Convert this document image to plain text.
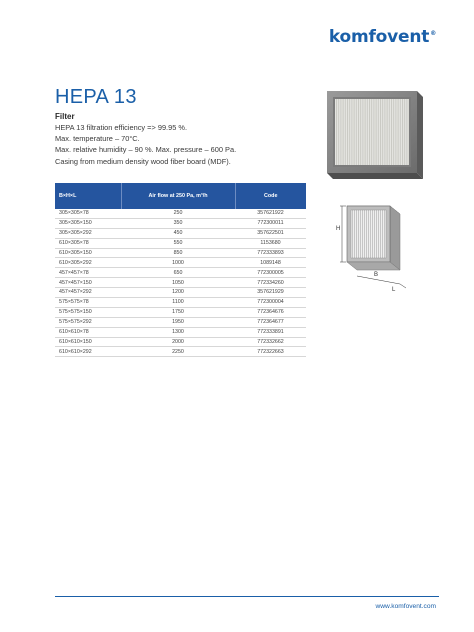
komfovent®
HEPA 13
Filter
HEPA 13 filtration efficiency => 99.95 %.
Max. temperature – 70°C.
Max. relative humidity – 90 %. Max. pressure – 600 Pa.
Casing from medium density wood fiber board (MDF).
B×H×L	Air flow at 250 Pa, m³/h	Code
305×305×78	250	357621922
305×305×150	350	772300011
305×305×292	450	357622501
610×305×78	550	1153680
610×305×150	850	772333893
610×305×292	1000	1089148
457×457×78	650	772300005
457×457×150	1050	772334260
457×457×292	1200	357621929
575×575×78	1100	772300004
575×575×150	1750	772364676
575×575×292	1950	772364677
610×610×78	1300	772333891
610×610×150	2000	772332662
610×610×292	2250	772322663
H
B
L
www.komfovent.com
